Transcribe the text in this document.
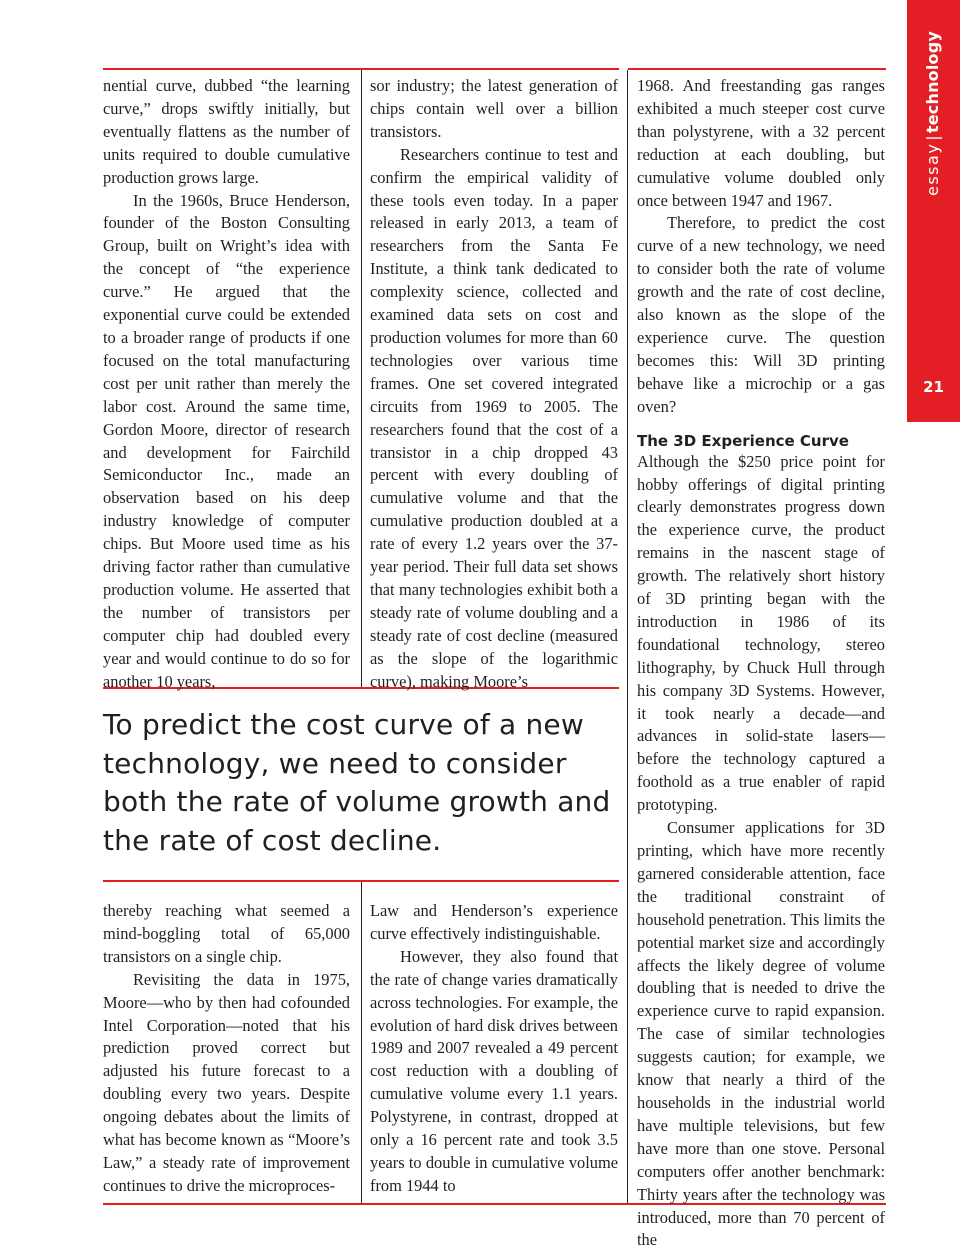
essay|technology
21

nential curve, dubbed “the learning curve,” drops swiftly initially, but eventually flattens as the number of units required to double cumulative production grows large.

In the 1960s, Bruce Henderson, founder of the Boston Consulting Group, built on Wright’s idea with the concept of “the experience curve.” He argued that the exponential curve could be extended to a broader range of products if one focused on the total manufacturing cost per unit rather than merely the labor cost. Around the same time, Gordon Moore, director of research and development for Fairchild Semiconductor Inc., made an observation based on his deep industry knowledge of computer chips. But Moore used time as his driving factor rather than cumulative production volume. He asserted that the number of transistors per computer chip had doubled every year and would continue to do so for another 10 years,

sor industry; the latest generation of chips contain well over a billion transistors.

Researchers continue to test and confirm the empirical validity of these tools even today. In a paper released in early 2013, a team of researchers from the Santa Fe Institute, a think tank dedicated to complexity science, collected and examined data sets on cost and production volumes for more than 60 technologies over various time frames. One set covered integrated circuits from 1969 to 2005. The researchers found that the cost of a transistor in a chip dropped 43 percent with every doubling of cumulative volume and that the cumulative production doubled at a rate of every 1.2 years over the 37-year period. Their full data set shows that many technologies exhibit both a steady rate of volume doubling and a steady rate of cost decline (measured as the slope of the logarithmic curve), making Moore’s

To predict the cost curve of a new technology, we need to consider both the rate of volume growth and the rate of cost decline.

thereby reaching what seemed a mind-boggling total of 65,000 transistors on a single chip.

Revisiting the data in 1975, Moore—who by then had cofounded Intel Corporation—noted that his prediction proved correct but adjusted his future forecast to a doubling every two years. Despite ongoing debates about the limits of what has become known as “Moore’s Law,” a steady rate of improvement continues to drive the microproces-

Law and Henderson’s experience curve effectively indistinguishable.

However, they also found that the rate of change varies dramatically across technologies. For example, the evolution of hard disk drives between 1989 and 2007 revealed a 49 percent cost reduction with a doubling of cumulative volume every 1.1 years. Polystyrene, in contrast, dropped at only a 16 percent rate and took 3.5 years to double in cumulative volume from 1944 to

1968. And freestanding gas ranges exhibited a much steeper cost curve than polystyrene, with a 32 percent reduction at each doubling, but cumulative volume doubled only once between 1947 and 1967.

Therefore, to predict the cost curve of a new technology, we need to consider both the rate of volume growth and the rate of cost decline, also known as the slope of the experience curve. The question becomes this: Will 3D printing behave like a microchip or a gas oven?

The 3D Experience Curve

Although the $250 price point for hobby offerings of digital printing clearly demonstrates progress down the experience curve, the product remains in the nascent stage of growth. The relatively short history of 3D printing began with the introduction in 1986 of its foundational technology, stereo lithography, by Chuck Hull through his company 3D Systems. However, it took nearly a decade—and advances in solid-state lasers—before the technology captured a foothold as a true enabler of rapid prototyping.

Consumer applications for 3D printing, which have more recently garnered considerable attention, face the traditional constraint of household penetration. This limits the potential market size and accordingly affects the likely degree of volume doubling that is needed to drive the experience curve to rapid expansion. The case of similar technologies suggests caution; for example, we know that nearly a third of the households in the industrial world have multiple televisions, but few have more than one stove. Personal computers offer another benchmark: Thirty years after the technology was introduced, more than 70 percent of the
